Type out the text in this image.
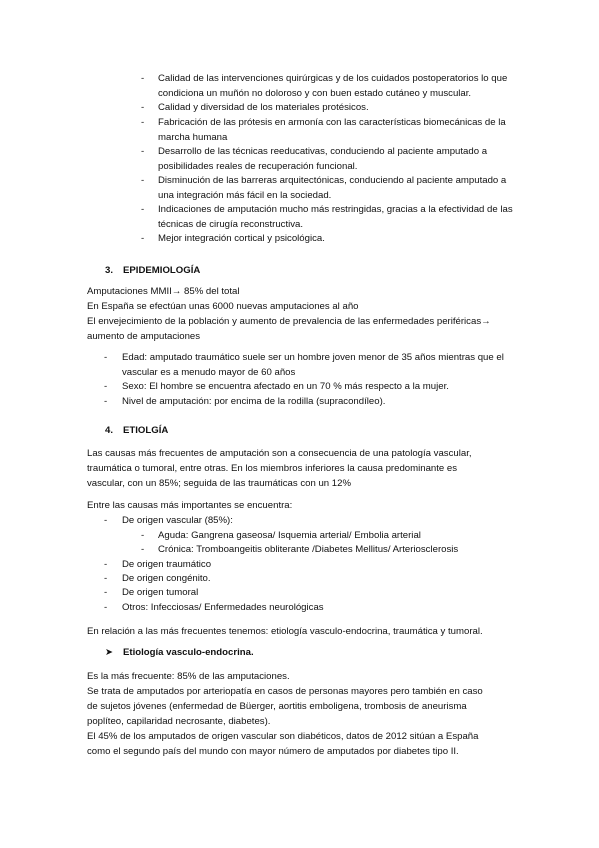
-	Calidad de las intervenciones quirúrgicas y de los cuidados postoperatorios lo que condiciona un muñón no doloroso y con buen estado cutáneo y muscular.
-	Calidad y diversidad de los materiales protésicos.
-	Fabricación de las prótesis en armonía con las características biomecánicas de la marcha humana
-	Desarrollo de las técnicas reeducativas, conduciendo al paciente amputado a posibilidades reales de recuperación funcional.
-	Disminución de las barreras arquitectónicas, conduciendo al paciente amputado a una integración más fácil en la sociedad.
-	Indicaciones de amputación mucho más restringidas, gracias a la efectividad de las técnicas de cirugía reconstructiva.
-	Mejor integración cortical y psicológica.
3.	EPIDEMIOLOGÍA
Amputaciones MMII→ 85% del total
En España se efectúan unas 6000 nuevas amputaciones al año
El envejecimiento de la población y aumento de prevalencia de las enfermedades periféricas→
aumento de amputaciones
-	Edad: amputado traumático suele ser un hombre joven menor de 35 años mientras que el vascular es a menudo mayor de 60 años
-	Sexo: El hombre se encuentra afectado en un 70 % más respecto a la mujer.
-	Nivel de amputación: por encima de la rodilla (supracondíleo).
4.	ETIOLGÍA
Las causas más frecuentes de amputación son a consecuencia de una patología vascular,
traumática o tumoral, entre otras. En los miembros inferiores la causa predominante es
vascular, con un 85%; seguida de las traumáticas con un 12%
Entre las causas más importantes se encuentra:
-	De origen vascular (85%):
-	Aguda: Gangrena gaseosa/ Isquemia arterial/ Embolia arterial
-	Crónica: Tromboangeitis obliterante /Diabetes Mellitus/ Arteriosclerosis
-	De origen traumático
-	De origen congénito.
-	De origen tumoral
-	Otros: Infecciosas/ Enfermedades neurológicas
En relación a las más frecuentes tenemos: etiología vasculo-endocrina, traumática y tumoral.
➤	Etiología vasculo-endocrina.
Es la más frecuente: 85% de las amputaciones.
Se trata de amputados por arteriopatía en casos de personas mayores pero también en caso
de sujetos jóvenes (enfermedad de Büerger, aortitis emboligena, trombosis de aneurisma
poplíteo, capilaridad necrosante, diabetes).
El 45% de los amputados de origen vascular son diabéticos, datos de 2012 sitúan a España
como el segundo país del mundo con mayor número de amputados por diabetes tipo II.
